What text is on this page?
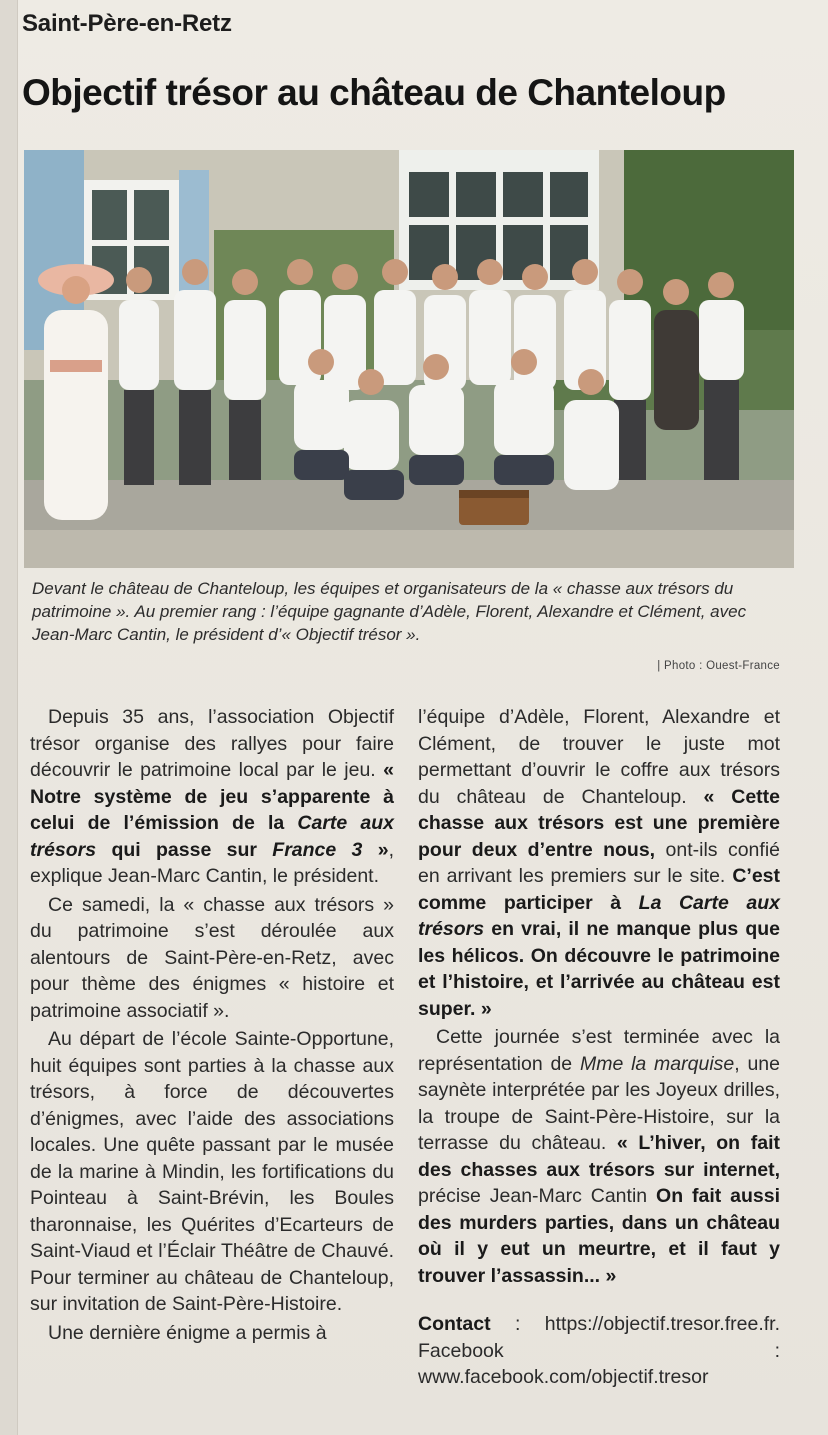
Saint-Père-en-Retz
Objectif trésor au château de Chanteloup

Devant le château de Chanteloup, les équipes et organisateurs de la « chasse aux trésors du patrimoine ». Au premier rang : l’équipe gagnante d’Adèle, Florent, Alexandre et Clément, avec Jean-Marc Cantin, le président d’« Objectif trésor ».

| Photo : Ouest-France

Depuis 35 ans, l’association Objectif trésor organise des rallyes pour faire découvrir le patrimoine local par le jeu. « Notre système de jeu s’apparente à celui de l’émission de la Carte aux trésors qui passe sur France 3 », explique Jean-Marc Cantin, le président.

Ce samedi, la « chasse aux trésors » du patrimoine s’est déroulée aux alentours de Saint-Père-en-Retz, avec pour thème des énigmes « histoire et patrimoine associatif ».

Au départ de l’école Sainte-Opportune, huit équipes sont parties à la chasse aux trésors, à force de découvertes d’énigmes, avec l’aide des associations locales. Une quête passant par le musée de la marine à Mindin, les fortifications du Pointeau à Saint-Brévin, les Boules tharonnaise, les Quérites d’Ecarteurs de Saint-Viaud et l’Éclair Théâtre de Chauvé. Pour terminer au château de Chanteloup, sur invitation de Saint-Père-Histoire.

Une dernière énigme a permis à

l’équipe d’Adèle, Florent, Alexandre et Clément, de trouver le juste mot permettant d’ouvrir le coffre aux trésors du château de Chanteloup. « Cette chasse aux trésors est une première pour deux d’entre nous, ont-ils confié en arrivant les premiers sur le site. C’est comme participer à La Carte aux trésors en vrai, il ne manque plus que les hélicos. On découvre le patrimoine et l’histoire, et l’arrivée au château est super. »

Cette journée s’est terminée avec la représentation de Mme la marquise, une saynète interprétée par les Joyeux drilles, la troupe de Saint-Père-Histoire, sur la terrasse du château. « L’hiver, on fait des chasses aux trésors sur internet, précise Jean-Marc Cantin On fait aussi des murders parties, dans un château où il y eut un meurtre, et il faut y trouver l’assassin... »

Contact : https://objectif.tresor.free.fr. Facebook : www.facebook.com/objectif.tresor
